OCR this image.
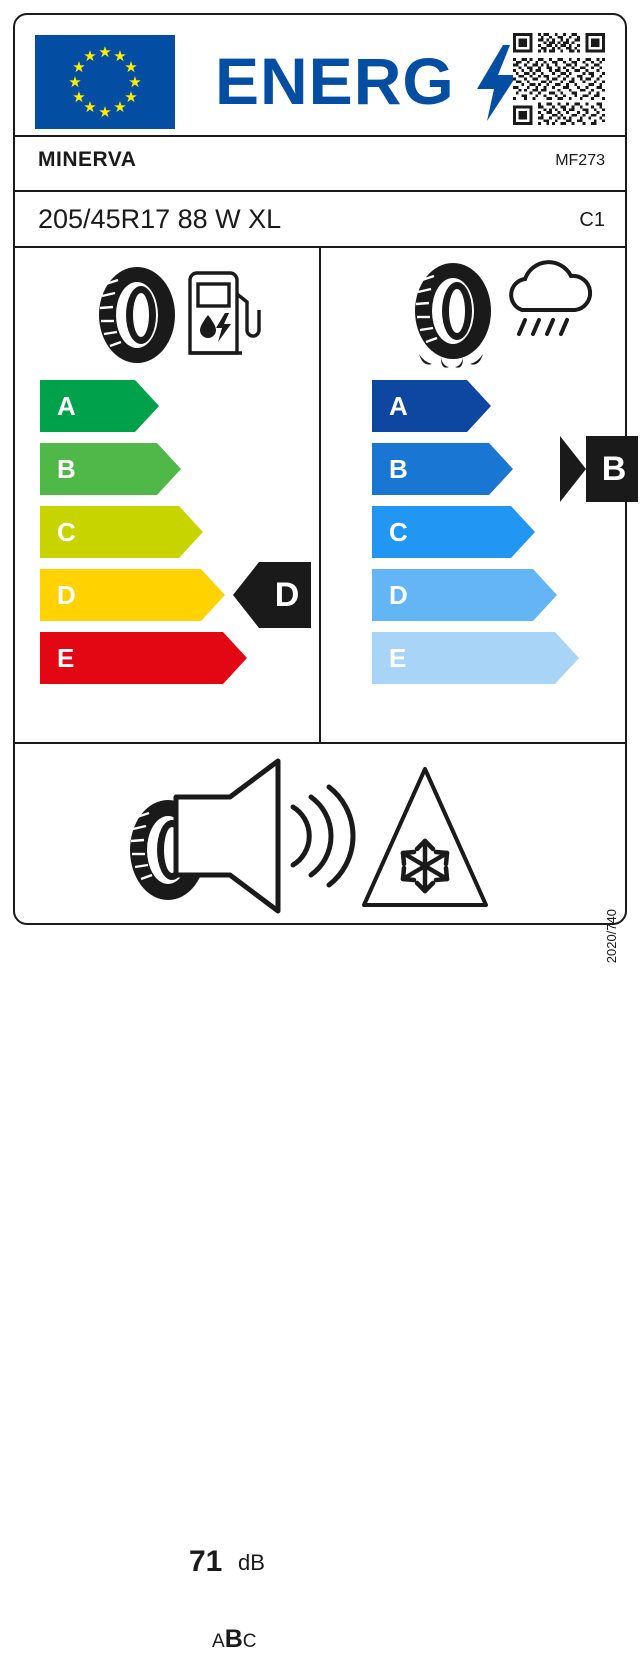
★ ★
★
★
★
★
★
★
★
★
★
★ ENERG
MINERVA	MF273
205/45R17 88 W XL	C1
A
B
C
D
E
D
A
B
C
D
E
B
71 dB
ABC
2020/740
